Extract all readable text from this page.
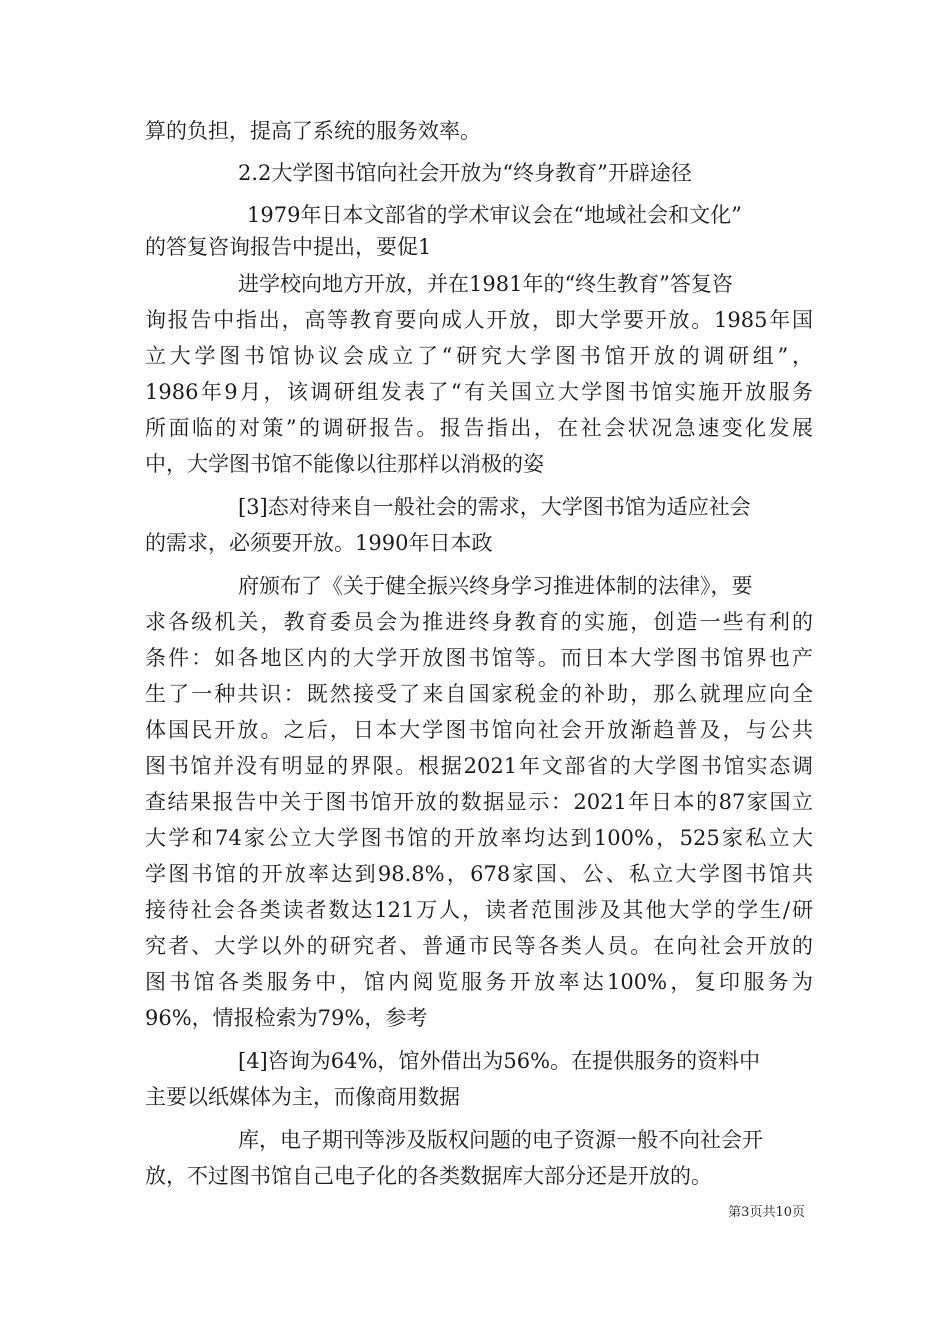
算的负担，提高了系统的服务效率。
2.2大学图书馆向社会开放为“终身教育”开辟途径
1979年日本文部省的学术审议会在“地域社会和文化”
的答复咨询报告中提出，要促1
进学校向地方开放，并在1981年的“终生教育”答复咨
询报告中指出，高等教育要向成人开放，即大学要开放。1985年国
立大学图书馆协议会成立了“研究大学图书馆开放的调研组”，
1986年9月，该调研组发表了“有关国立大学图书馆实施开放服务
所面临的对策”的调研报告。报告指出，在社会状况急速变化发展
中，大学图书馆不能像以往那样以消极的姿
[3]态对待来自一般社会的需求，大学图书馆为适应社会
的需求，必须要开放。1990年日本政
府颁布了《关于健全振兴终身学习推进体制的法律》，要
求各级机关，教育委员会为推进终身教育的实施，创造一些有利的
条件：如各地区内的大学开放图书馆等。而日本大学图书馆界也产
生了一种共识：既然接受了来自国家税金的补助，那么就理应向全
体国民开放。之后，日本大学图书馆向社会开放渐趋普及，与公共
图书馆并没有明显的界限。根据2021年文部省的大学图书馆实态调
查结果报告中关于图书馆开放的数据显示：2021年日本的87家国立
大学和74家公立大学图书馆的开放率均达到100%，525家私立大
学图书馆的开放率达到98.8%，678家国、公、私立大学图书馆共
接待社会各类读者数达121万人，读者范围涉及其他大学的学生/研
究者、大学以外的研究者、普通市民等各类人员。在向社会开放的
图书馆各类服务中，馆内阅览服务开放率达100%，复印服务为
96%，情报检索为79%，参考
[4]咨询为64%，馆外借出为56%。在提供服务的资料中
主要以纸媒体为主，而像商用数据
库，电子期刊等涉及版权问题的电子资源一般不向社会开
放，不过图书馆自己电子化的各类数据库大部分还是开放的。
第3页共10页
